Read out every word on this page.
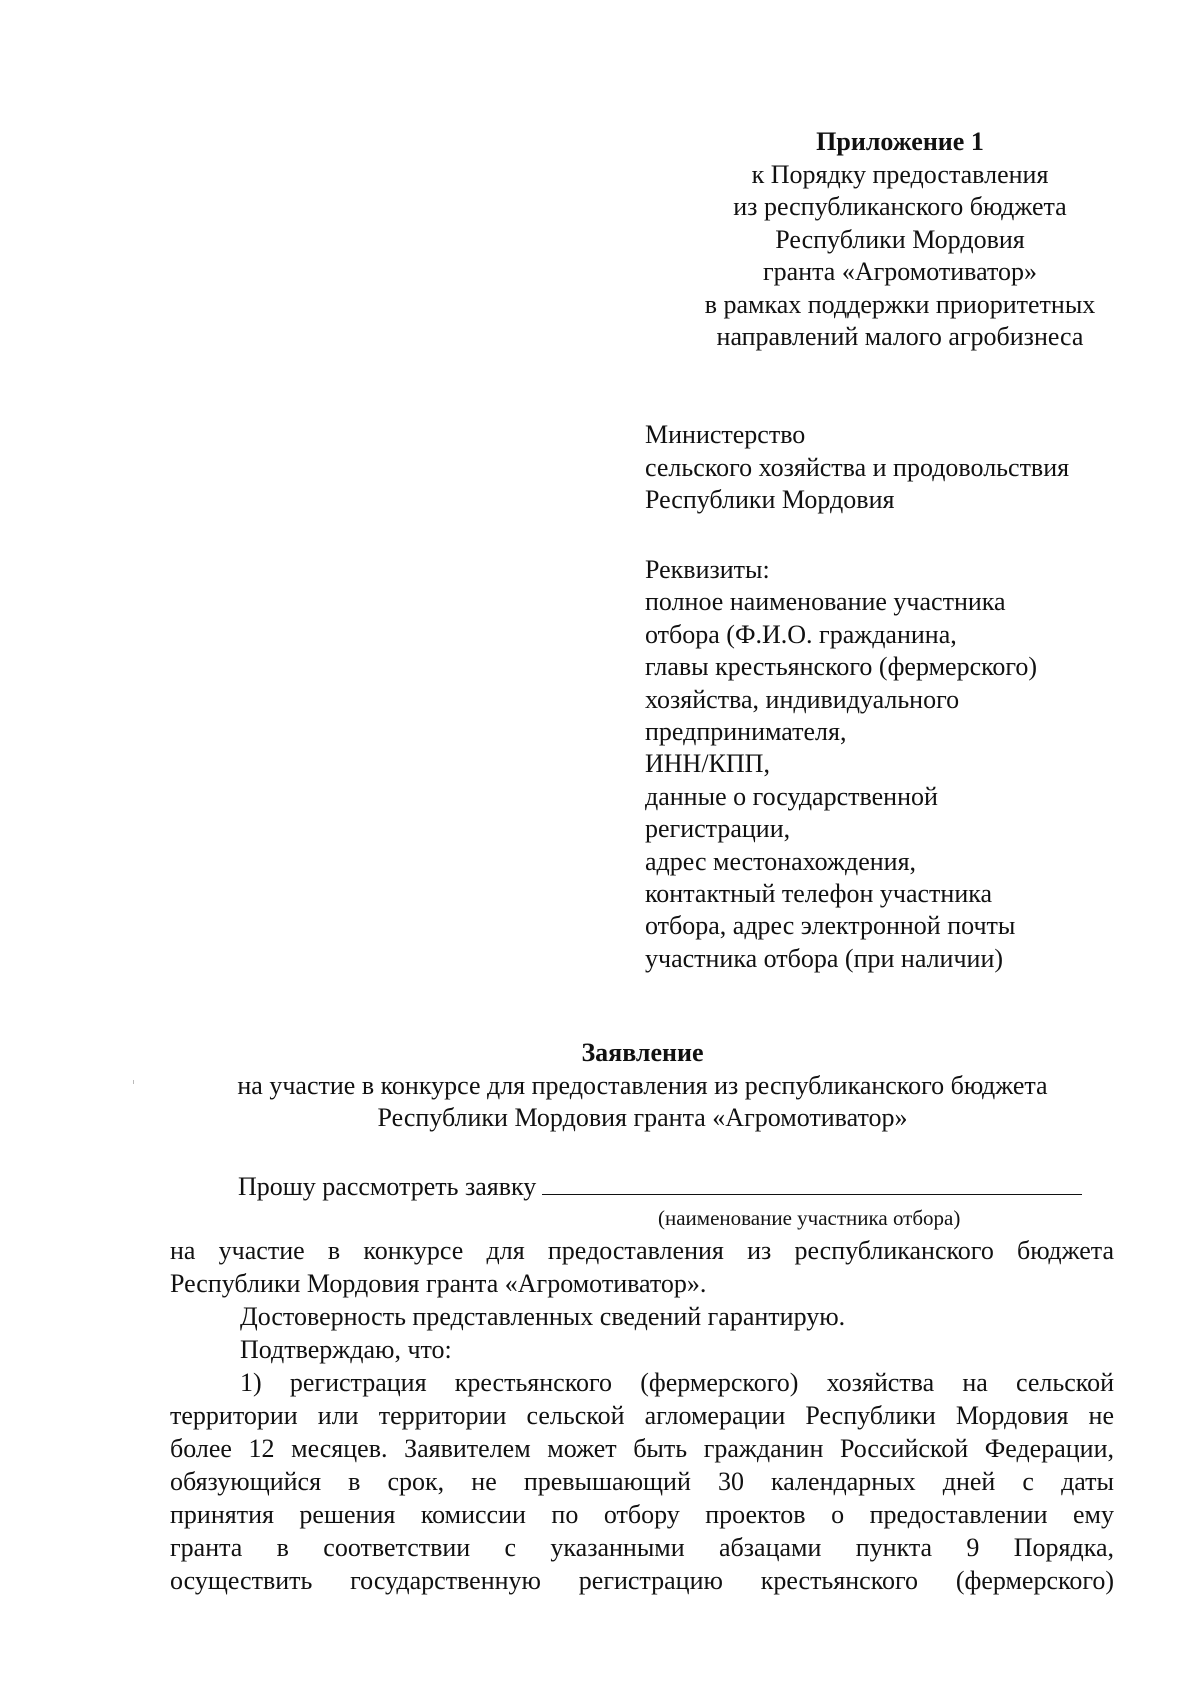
Приложение 1
к Порядку предоставления
из республиканского бюджета
Республики Мордовия
гранта «Агромотиватор»
в рамках поддержки приоритетных
направлений малого агробизнеса
Министерство
сельского хозяйства и продовольствия
Республики Мордовия
Реквизиты:
полное наименование участника
отбора (Ф.И.О. гражданина,
главы крестьянского (фермерского)
хозяйства, индивидуального
предпринимателя,
ИНН/КПП,
данные о государственной
регистрации,
адрес местонахождения,
контактный телефон участника
отбора, адрес электронной почты
участника отбора (при наличии)
Заявление
на участие в конкурсе для предоставления из республиканского бюджета
Республики Мордовия гранта «Агромотиватор»
Прошу рассмотреть заявку
(наименование участника отбора)

на участие в конкурсе для предоставления из республиканского бюджета

Республики Мордовия гранта «Агромотиватор».

Достоверность представленных сведений гарантирую.

Подтверждаю, что:

1) регистрация крестьянского (фермерского) хозяйства на сельской

территории или территории сельской агломерации Республики Мордовия не

более 12 месяцев. Заявителем может быть гражданин Российской Федерации,

обязующийся в срок, не превышающий 30 календарных дней с даты

принятия решения комиссии по отбору проектов о предоставлении ему

гранта в соответствии с указанными абзацами пункта 9 Порядка,

осуществить государственную регистрацию крестьянского (фермерского)
